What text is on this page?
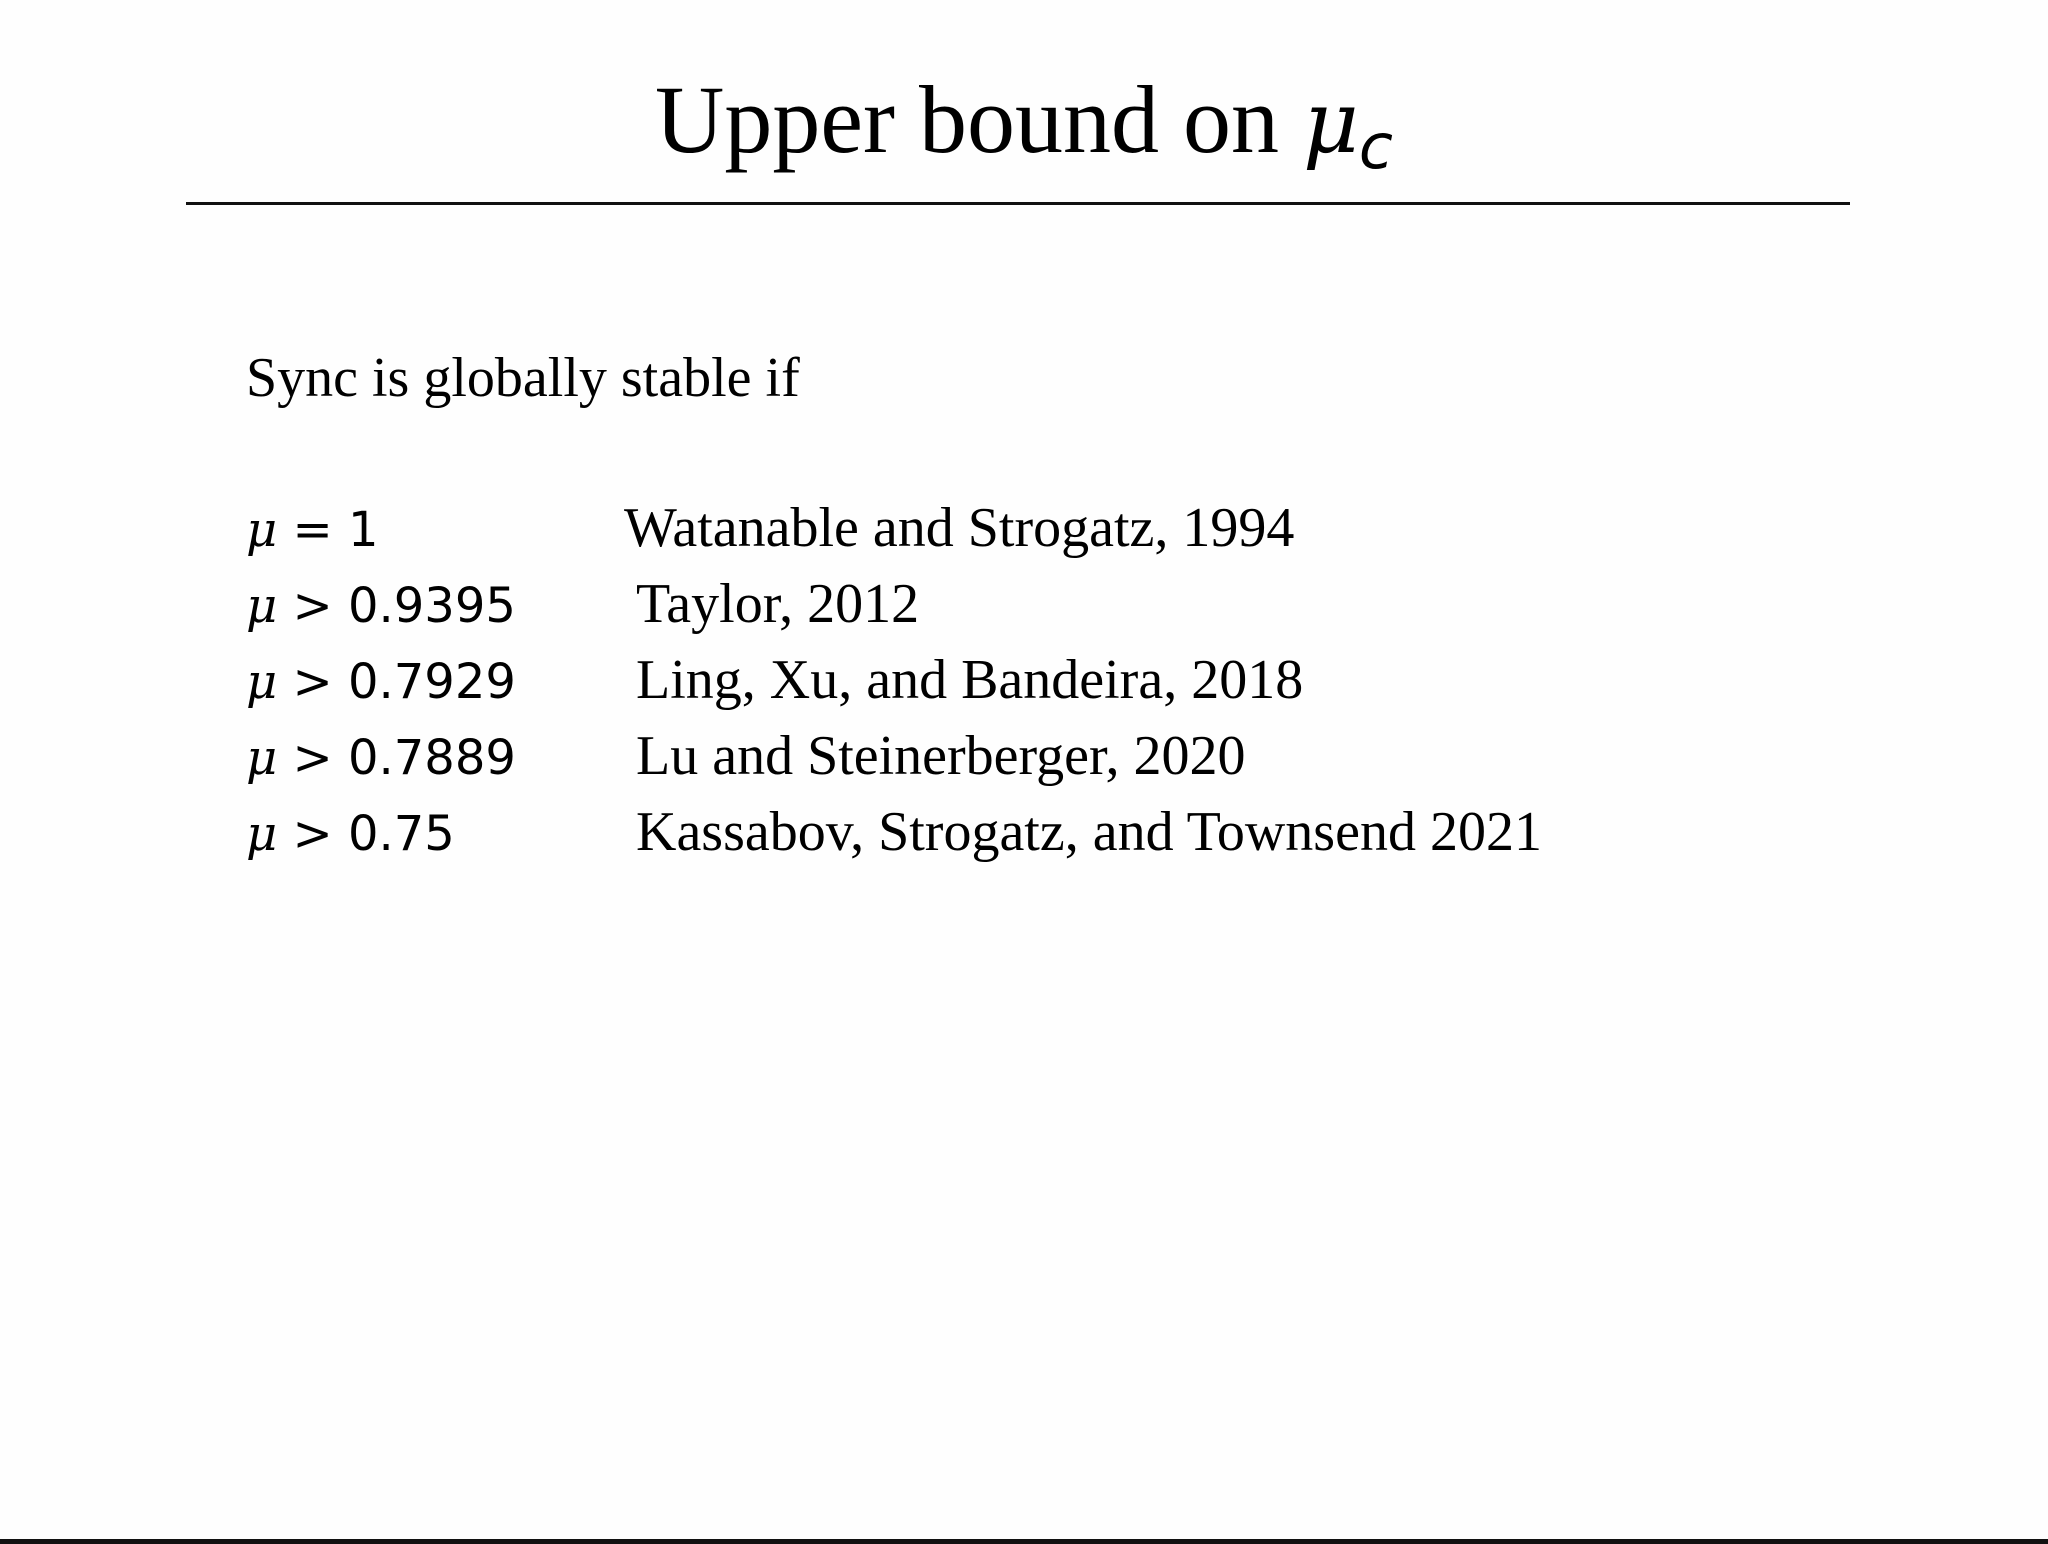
Upper bound on μc
Sync is globally stable if
μ = 1	Watanable and Strogatz, 1994
μ > 0.9395 Taylor, 2012
μ > 0.7929 Ling, Xu, and Bandeira, 2018
μ > 0.7889 Lu and Steinerberger, 2020
μ > 0.75	Kassabov, Strogatz, and Townsend 2021
